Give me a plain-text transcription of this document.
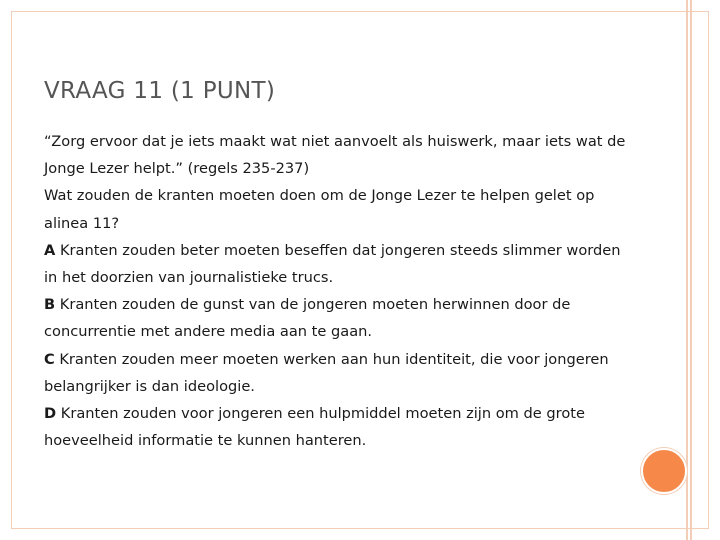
VRAAG 11 (1 PUNT)

“Zorg ervoor dat je iets maakt wat niet aanvoelt als huiswerk, maar iets wat de Jonge Lezer helpt.” (regels 235-237)

Wat zouden de kranten moeten doen om de Jonge Lezer te helpen gelet op alinea 11?

A Kranten zouden beter moeten beseffen dat jongeren steeds slimmer worden in het doorzien van journalistieke trucs.

B Kranten zouden de gunst van de jongeren moeten herwinnen door de concurrentie met andere media aan te gaan.

C Kranten zouden meer moeten werken aan hun identiteit, die voor jongeren belangrijker is dan ideologie.

D Kranten zouden voor jongeren een hulpmiddel moeten zijn om de grote hoeveelheid informatie te kunnen hanteren.
